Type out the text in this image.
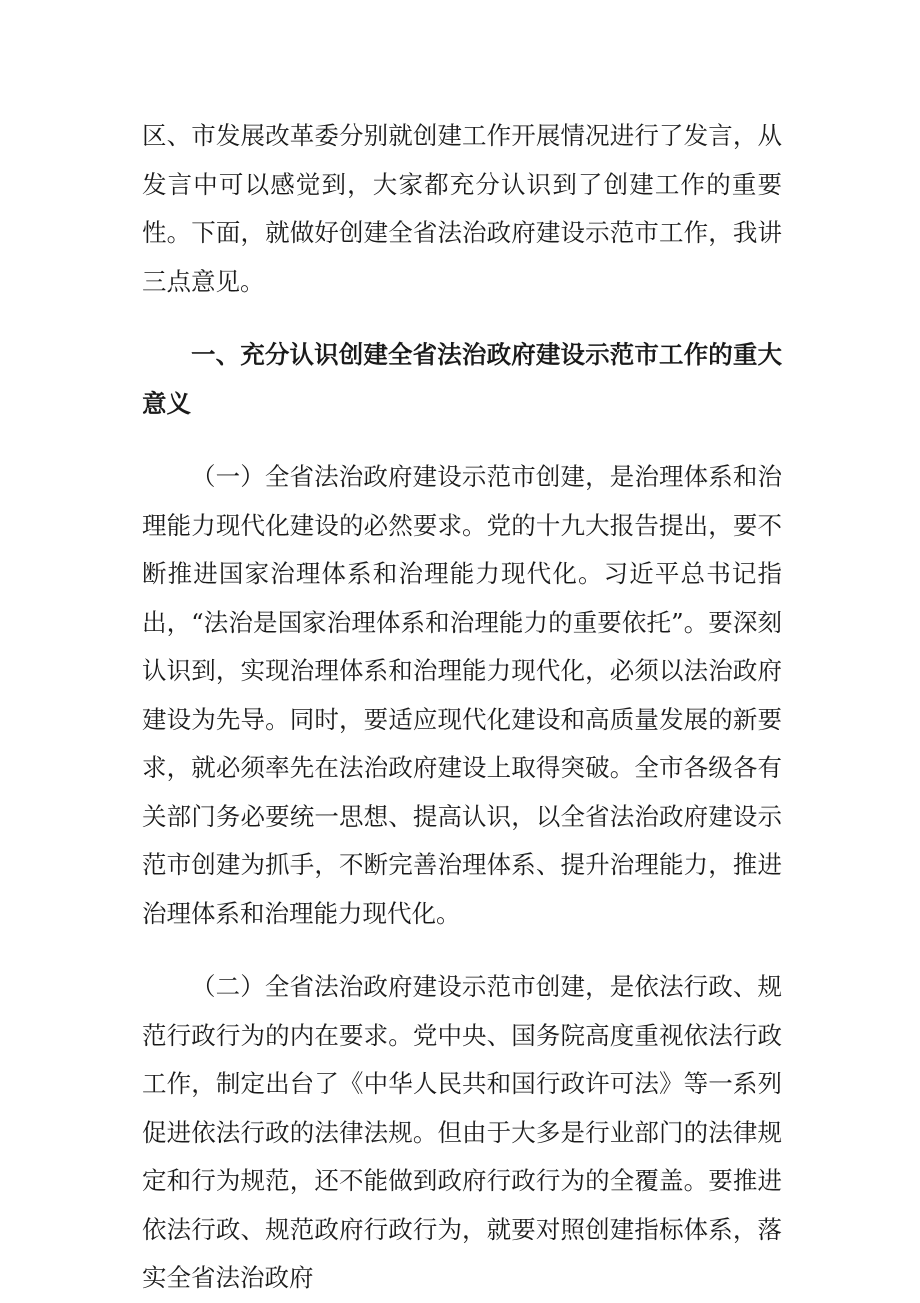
区、市发展改革委分别就创建工作开展情况进行了发言，从发言中可以感觉到，大家都充分认识到了创建工作的重要性。下面，就做好创建全省法治政府建设示范市工作，我讲三点意见。

一、充分认识创建全省法治政府建设示范市工作的重大意义

（一）全省法治政府建设示范市创建，是治理体系和治理能力现代化建设的必然要求。党的十九大报告提出，要不断推进国家治理体系和治理能力现代化。习近平总书记指出，“法治是国家治理体系和治理能力的重要依托”。要深刻认识到，实现治理体系和治理能力现代化，必须以法治政府建设为先导。同时，要适应现代化建设和高质量发展的新要求，就必须率先在法治政府建设上取得突破。全市各级各有关部门务必要统一思想、提高认识，以全省法治政府建设示范市创建为抓手，不断完善治理体系、提升治理能力，推进治理体系和治理能力现代化。

（二）全省法治政府建设示范市创建，是依法行政、规范行政行为的内在要求。党中央、国务院高度重视依法行政工作，制定出台了《中华人民共和国行政许可法》等一系列促进依法行政的法律法规。但由于大多是行业部门的法律规定和行为规范，还不能做到政府行政行为的全覆盖。要推进依法行政、规范政府行政行为，就要对照创建指标体系，落实全省法治政府
